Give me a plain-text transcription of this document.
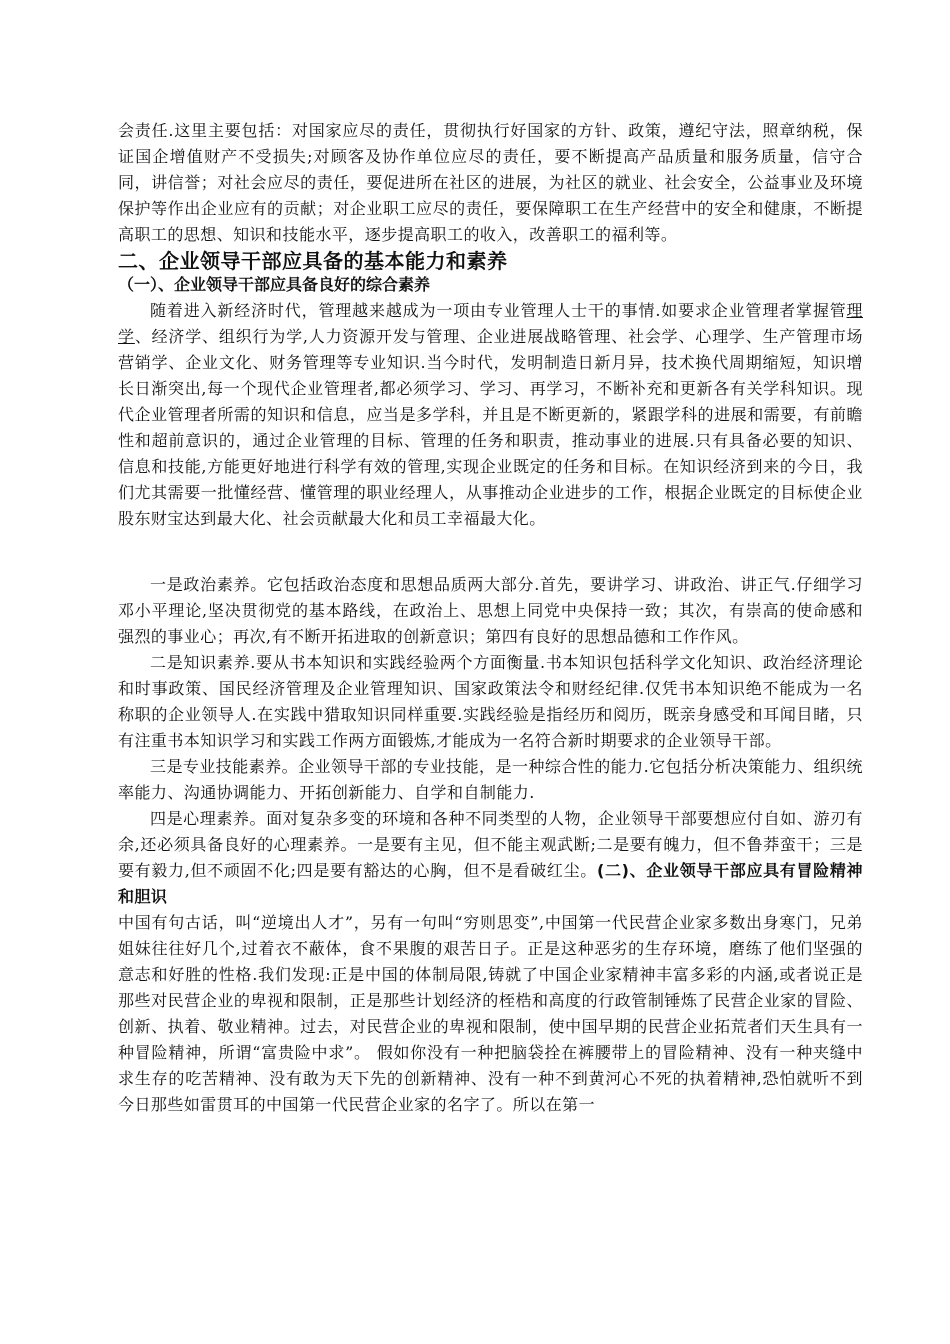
会责任.这里主要包括：对国家应尽的责任，贯彻执行好国家的方针、政策，遵纪守法，照章纳税，保证国企增值财产不受损失;对顾客及协作单位应尽的责任，要不断提高产品质量和服务质量，信守合同，讲信誉；对社会应尽的责任，要促进所在社区的进展，为社区的就业、社会安全，公益事业及环境保护等作出企业应有的贡献；对企业职工应尽的责任，要保障职工在生产经营中的安全和健康，不断提高职工的思想、知识和技能水平，逐步提高职工的收入，改善职工的福利等。

二、企业领导干部应具备的基本能力和素养
（一）、企业领导干部应具备良好的综合素养

随着进入新经济时代，管理越来越成为一项由专业管理人士干的事情.如要求企业管理者掌握管理学、经济学、组织行为学,人力资源开发与管理、企业进展战略管理、社会学、心理学、生产管理市场营销学、企业文化、财务管理等专业知识.当今时代，发明制造日新月异，技术换代周期缩短，知识增长日渐突出,每一个现代企业管理者,都必须学习、学习、再学习，不断补充和更新各有关学科知识。现代企业管理者所需的知识和信息，应当是多学科，并且是不断更新的，紧跟学科的进展和需要，有前瞻性和超前意识的，通过企业管理的目标、管理的任务和职责，推动事业的进展.只有具备必要的知识、信息和技能,方能更好地进行科学有效的管理,实现企业既定的任务和目标。在知识经济到来的今日，我们尤其需要一批懂经营、懂管理的职业经理人，从事推动企业进步的工作，根据企业既定的目标使企业股东财宝达到最大化、社会贡献最大化和员工幸福最大化。

一是政治素养。它包括政治态度和思想品质两大部分.首先，要讲学习、讲政治、讲正气.仔细学习邓小平理论,坚决贯彻党的基本路线，在政治上、思想上同党中央保持一致；其次，有崇高的使命感和强烈的事业心；再次,有不断开拓进取的创新意识；第四有良好的思想品德和工作作风。

二是知识素养.要从书本知识和实践经验两个方面衡量.书本知识包括科学文化知识、政治经济理论和时事政策、国民经济管理及企业管理知识、国家政策法令和财经纪律.仅凭书本知识绝不能成为一名称职的企业领导人.在实践中猎取知识同样重要.实践经验是指经历和阅历，既亲身感受和耳闻目睹，只有注重书本知识学习和实践工作两方面锻炼,才能成为一名符合新时期要求的企业领导干部。

三是专业技能素养。企业领导干部的专业技能，是一种综合性的能力.它包括分析决策能力、组织统率能力、沟通协调能力、开拓创新能力、自学和自制能力.

四是心理素养。面对复杂多变的环境和各种不同类型的人物，企业领导干部要想应付自如、游刃有余,还必须具备良好的心理素养。一是要有主见，但不能主观武断;二是要有魄力，但不鲁莽蛮干；三是要有毅力,但不顽固不化;四是要有豁达的心胸，但不是看破红尘。(二)、企业领导干部应具有冒险精神和胆识

中国有句古话，叫“逆境出人才”，另有一句叫“穷则思变”,中国第一代民营企业家多数出身寒门，兄弟姐妹往往好几个,过着衣不蔽体，食不果腹的艰苦日子。正是这种恶劣的生存环境，磨练了他们坚强的意志和好胜的性格.我们发现:正是中国的体制局限,铸就了中国企业家精神丰富多彩的内涵,或者说正是那些对民营企业的卑视和限制，正是那些计划经济的桎梏和高度的行政管制锤炼了民营企业家的冒险、创新、执着、敬业精神。过去，对民营企业的卑视和限制，使中国早期的民营企业拓荒者们天生具有一种冒险精神，所谓“富贵险中求”。 假如你没有一种把脑袋拴在裤腰带上的冒险精神、没有一种夹缝中求生存的吃苦精神、没有敢为天下先的创新精神、没有一种不到黄河心不死的执着精神,恐怕就听不到今日那些如雷贯耳的中国第一代民营企业家的名字了。所以在第一
